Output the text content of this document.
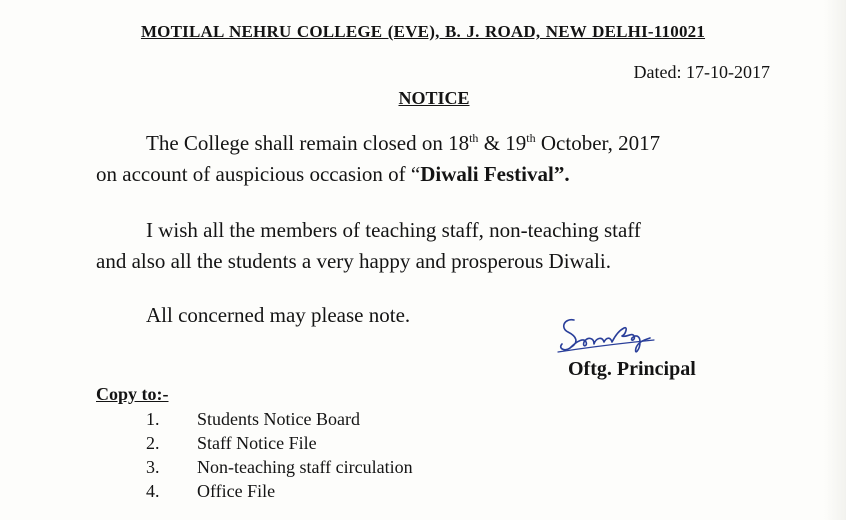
MOTILAL NEHRU COLLEGE (EVE), B. J. ROAD, NEW DELHI-110021
Dated: 17-10-2017
NOTICE
The College shall remain closed on 18th & 19th October, 2017
on account of auspicious occasion of “Diwali Festival”.
I wish all the members of teaching staff, non-teaching staff
and also all the students a very happy and prosperous Diwali.
All concerned may please note.
Oftg. Principal
Copy to:-
1. Students Notice Board
2. Staff Notice File
3. Non-teaching staff circulation
4. Office File
